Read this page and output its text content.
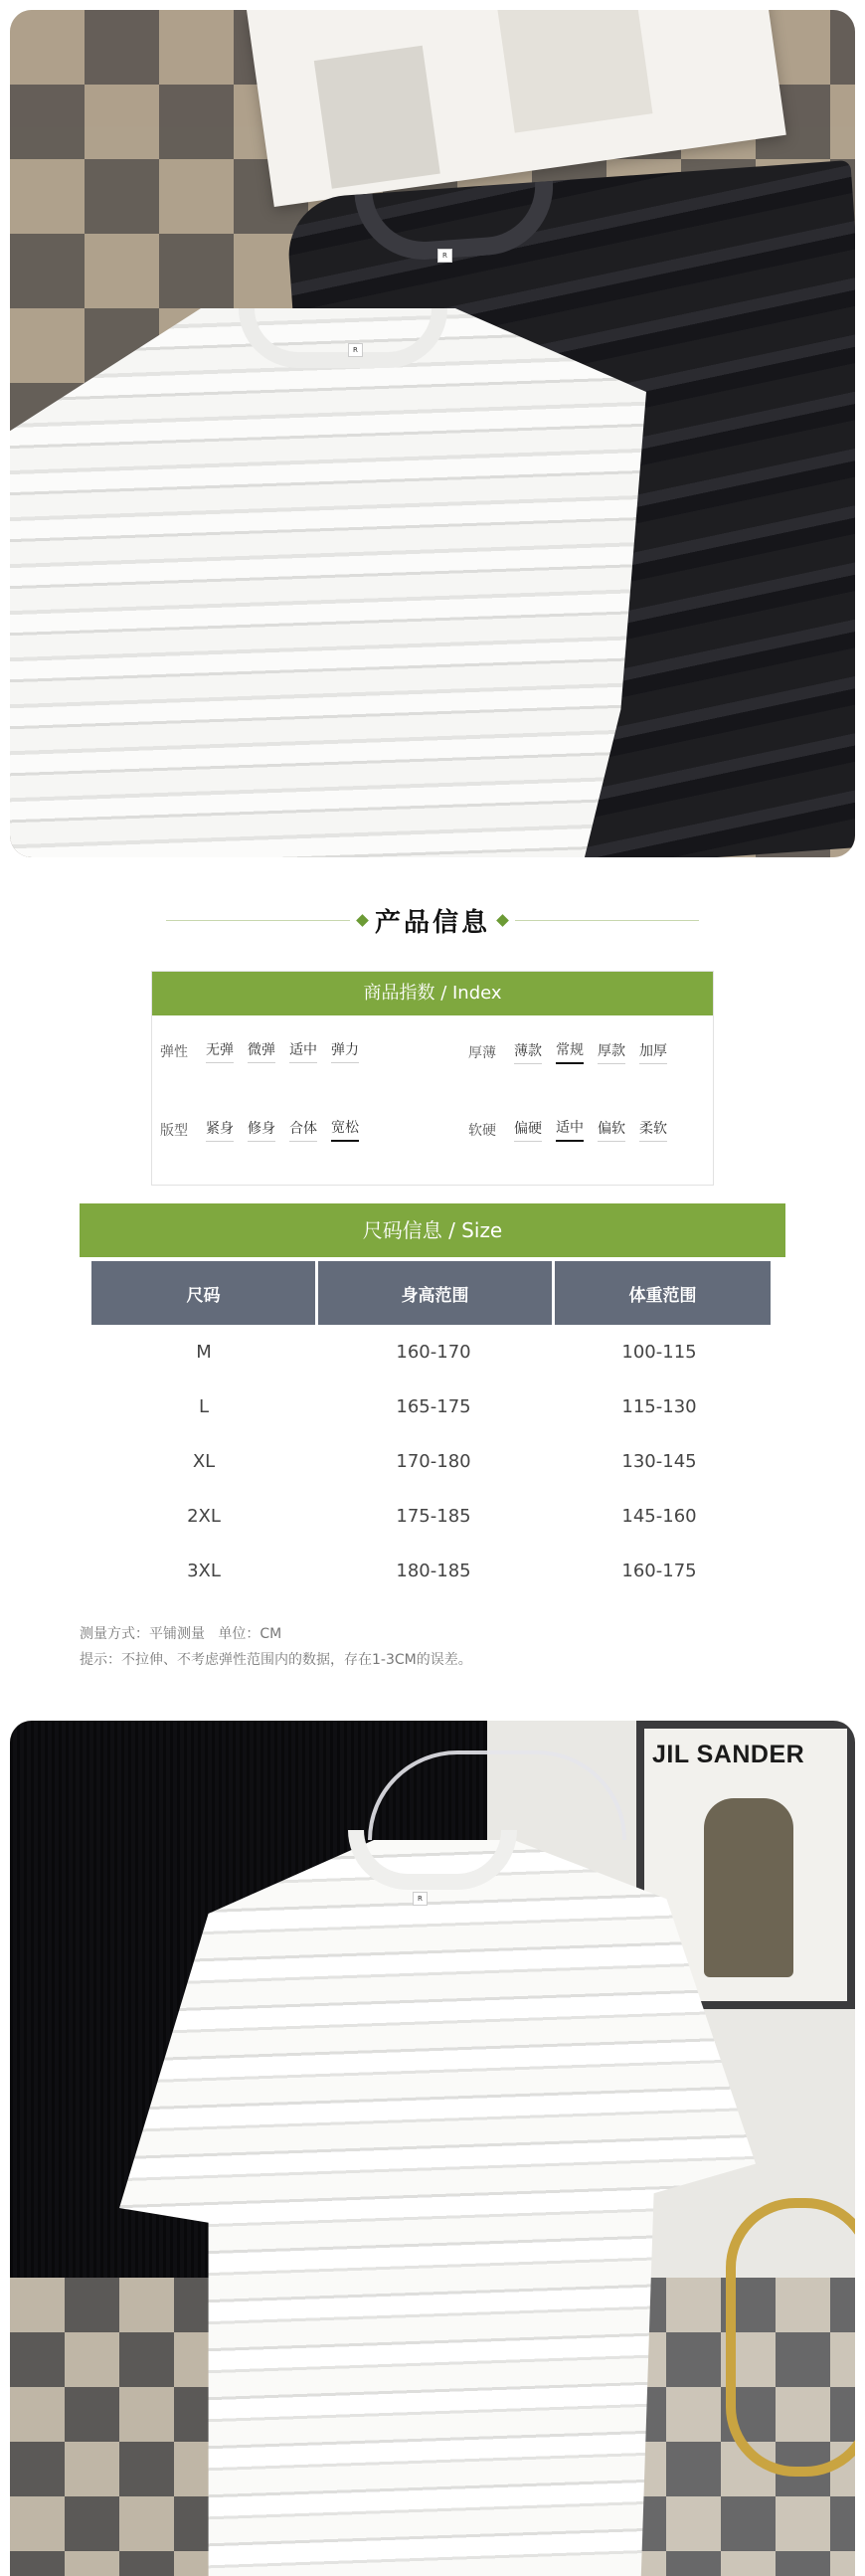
R
R
产品信息
商品指数 / Index
弹性	无弹 微弹 适中 弹力	厚薄	薄款 常规 厚款 加厚
版型	紧身 修身 合体 宽松	软硬	偏硬 适中 偏软 柔软
尺码信息 / Size
尺码	身高范围	体重范围
M	160-170	100-115
L	165-175	115-130
XL	170-180	130-145
2XL	175-185	145-160
3XL	180-185	160-175
测量方式：平铺测量   单位：CM
提示：不拉伸、不考虑弹性范围内的数据，存在1-3CM的误差。
JIL SANDER
R
